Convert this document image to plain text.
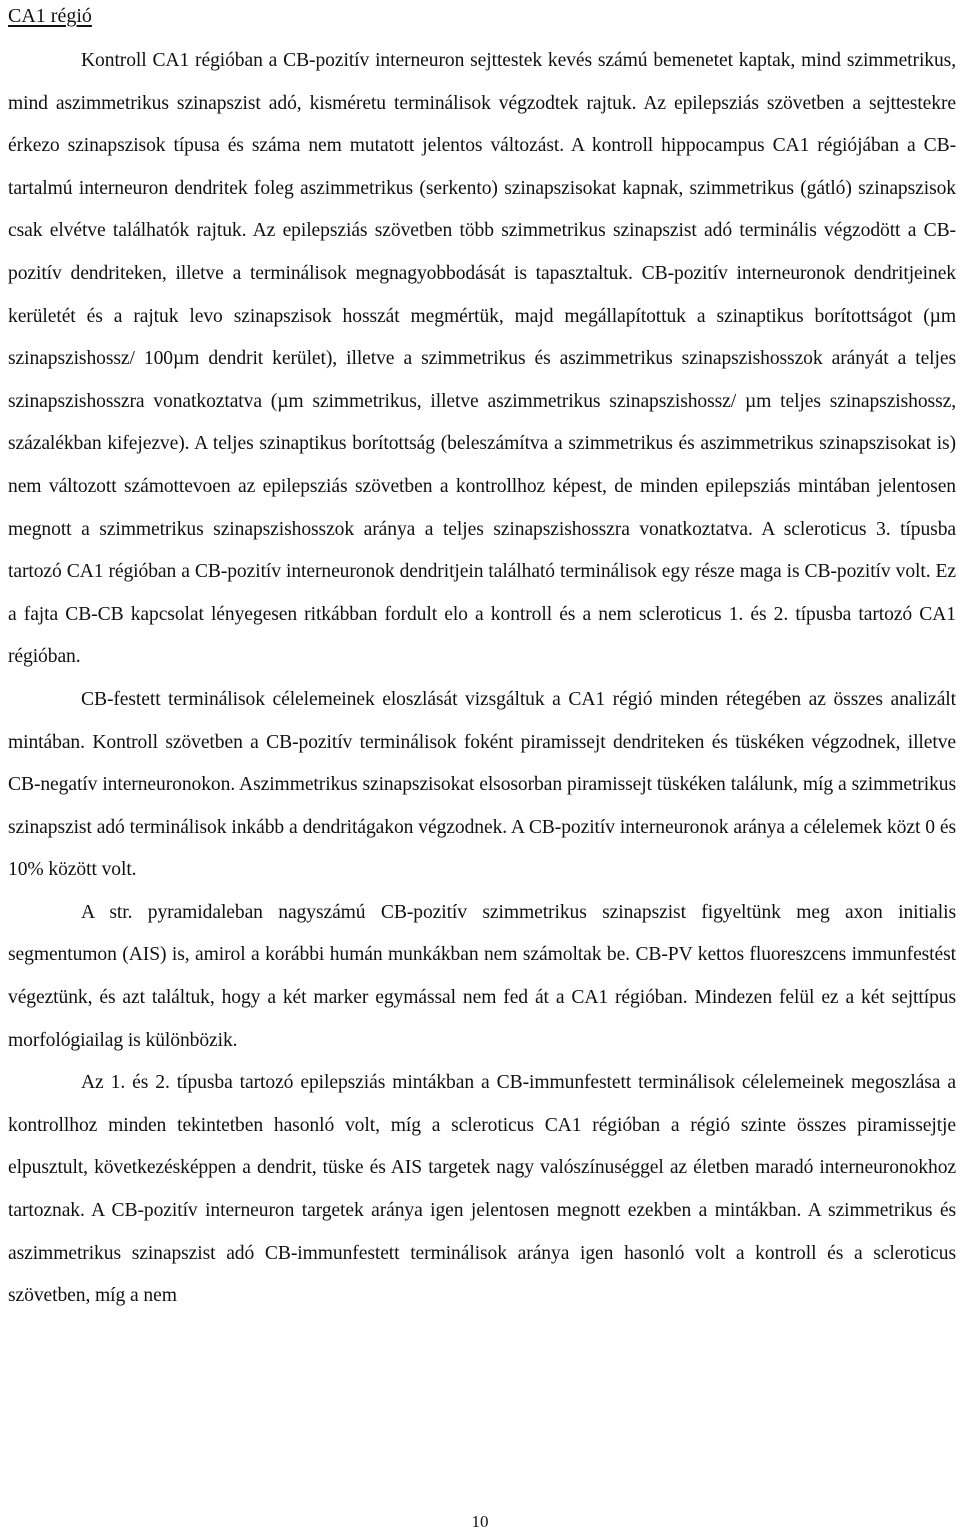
CA1 régió

Kontroll CA1 régióban a CB-pozitív interneuron sejttestek kevés számú bemenetet kaptak, mind szimmetrikus, mind aszimmetrikus szinapszist adó, kisméretu terminálisok végzodtek rajtuk. Az epilepsziás szövetben a sejttestekre érkezo szinapszisok típusa és száma nem mutatott jelentos változást. A kontroll hippocampus CA1 régiójában a CB-tartalmú interneuron dendritek foleg aszimmetrikus (serkento) szinapszisokat kapnak, szimmetrikus (gátló) szinapszisok csak elvétve találhatók rajtuk. Az epilepsziás szövetben több szimmetrikus szinapszist adó terminális végzodött a CB-pozitív dendriteken, illetve a terminálisok megnagyobbodását is tapasztaltuk. CB-pozitív interneuronok dendritjeinek kerületét és a rajtuk levo szinapszisok hosszát megmértük, majd megállapítottuk a szinaptikus borítottságot (µm szinapszishossz/ 100µm dendrit kerület), illetve a szimmetrikus és aszimmetrikus szinapszishosszok arányát a teljes szinapszishosszra vonatkoztatva (µm szimmetrikus, illetve aszimmetrikus szinapszishossz/ µm teljes szinapszishossz, százalékban kifejezve). A teljes szinaptikus borítottság (beleszámítva a szimmetrikus és aszimmetrikus szinapszisokat is) nem változott számottevoen az epilepsziás szövetben a kontrollhoz képest, de minden epilepsziás mintában jelentosen megnott a szimmetrikus szinapszishosszok aránya a teljes szinapszishosszra vonatkoztatva. A scleroticus 3. típusba tartozó CA1 régióban a CB-pozitív interneuronok dendritjein található terminálisok egy része maga is CB-pozitív volt. Ez a fajta CB-CB kapcsolat lényegesen ritkábban fordult elo a kontroll és a nem scleroticus 1. és 2. típusba tartozó CA1 régióban.

CB-festett terminálisok célelemeinek eloszlását vizsgáltuk a CA1 régió minden rétegében az összes analizált mintában. Kontroll szövetben a CB-pozitív terminálisok foként piramissejt dendriteken és tüskéken végzodnek, illetve CB-negatív interneuronokon. Aszimmetrikus szinapszisokat elsosorban piramissejt tüskéken találunk, míg a szimmetrikus szinapszist adó terminálisok inkább a dendritágakon végzodnek. A CB-pozitív interneuronok aránya a célelemek közt 0 és 10% között volt.

A str. pyramidaleban nagyszámú CB-pozitív szimmetrikus szinapszist figyeltünk meg axon initialis segmentumon (AIS) is, amirol a korábbi humán munkákban nem számoltak be. CB-PV kettos fluoreszcens immunfestést végeztünk, és azt találtuk, hogy a két marker egymással nem fed át a CA1 régióban. Mindezen felül ez a két sejttípus morfológiailag is különbözik.

Az 1. és 2. típusba tartozó epilepsziás mintákban a CB-immunfestett terminálisok célelemeinek megoszlása a kontrollhoz minden tekintetben hasonló volt, míg a scleroticus CA1 régióban a régió szinte összes piramissejtje elpusztult, következésképpen a dendrit, tüske és AIS targetek nagy valószínuséggel az életben maradó interneuronokhoz tartoznak. A CB-pozitív interneuron targetek aránya igen jelentosen megnott ezekben a mintákban. A szimmetrikus és aszimmetrikus szinapszist adó CB-immunfestett terminálisok aránya igen hasonló volt a kontroll és a scleroticus szövetben, míg a nem

10
